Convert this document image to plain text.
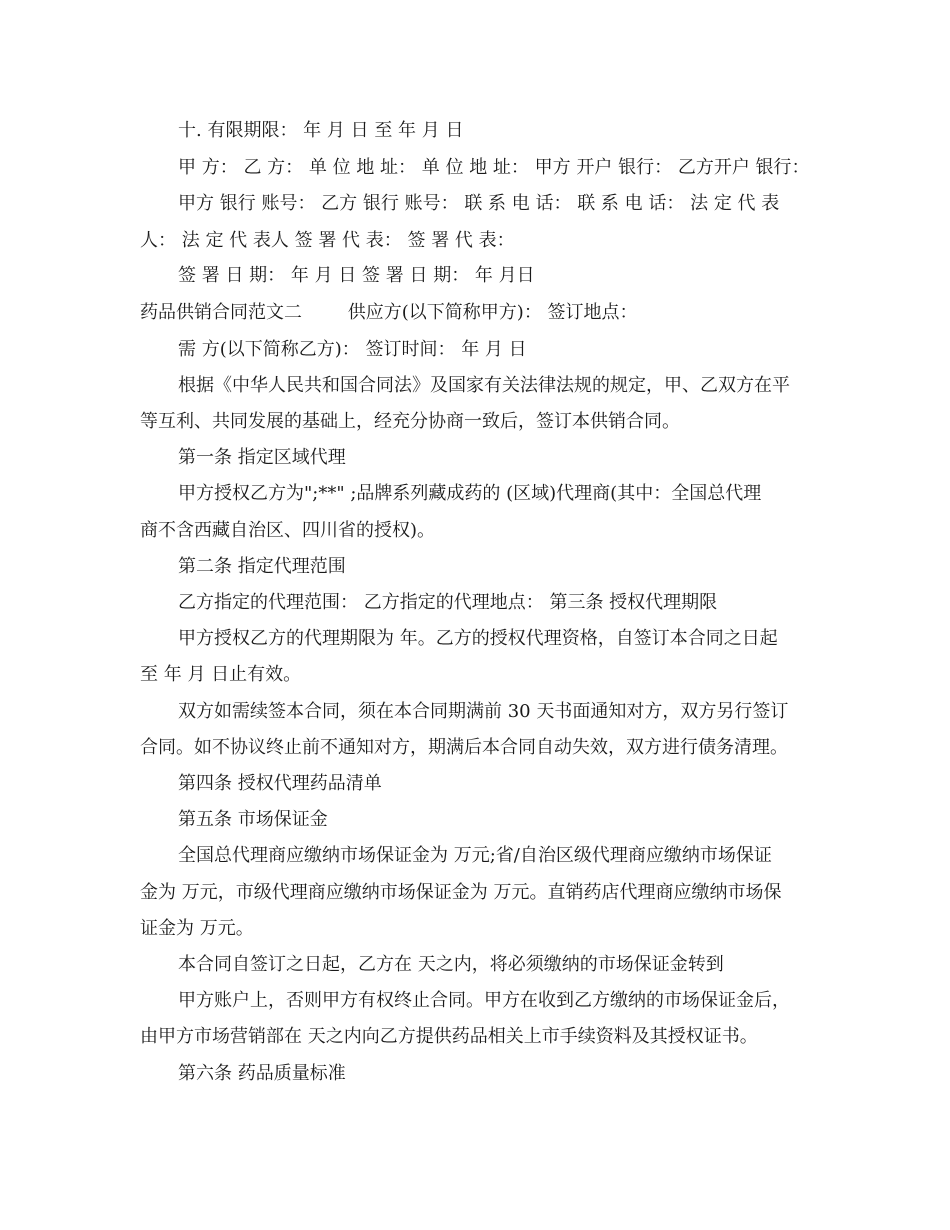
十. 有限期限： 年 月 日 至 年 月 日
甲 方： 乙 方： 单 位 地 址： 单 位 地 址： 甲方 开户 银行： 乙方开户 银行：
甲方 银行 账号： 乙方 银行 账号： 联 系 电 话： 联 系 电 话： 法 定 代 表
人： 法 定 代 表人 签 署 代 表： 签 署 代 表：
签 署 日 期： 年 月 日 签 署 日 期： 年 月日
药品供销合同范文二        供应方(以下简称甲方)： 签订地点：
需 方(以下简称乙方)： 签订时间： 年 月 日
根据《中华人民共和国合同法》及国家有关法律法规的规定，甲、乙双方在平
等互利、共同发展的基础上，经充分协商一致后，签订本供销合同。
第一条 指定区域代理
甲方授权乙方为";**" ;品牌系列藏成药的 (区域)代理商(其中：全国总代理
商不含西藏自治区、四川省的授权)。
第二条 指定代理范围
乙方指定的代理范围： 乙方指定的代理地点： 第三条 授权代理期限
甲方授权乙方的代理期限为 年。乙方的授权代理资格，自签订本合同之日起
至 年 月 日止有效。
双方如需续签本合同，须在本合同期满前 30 天书面通知对方，双方另行签订
合同。如不协议终止前不通知对方，期满后本合同自动失效，双方进行债务清理。
第四条 授权代理药品清单
第五条 市场保证金
全国总代理商应缴纳市场保证金为 万元;省/自治区级代理商应缴纳市场保证
金为 万元，市级代理商应缴纳市场保证金为 万元。直销药店代理商应缴纳市场保
证金为 万元。
本合同自签订之日起，乙方在 天之内，将必须缴纳的市场保证金转到
甲方账户上，否则甲方有权终止合同。甲方在收到乙方缴纳的市场保证金后，
由甲方市场营销部在 天之内向乙方提供药品相关上市手续资料及其授权证书。
第六条 药品质量标准
